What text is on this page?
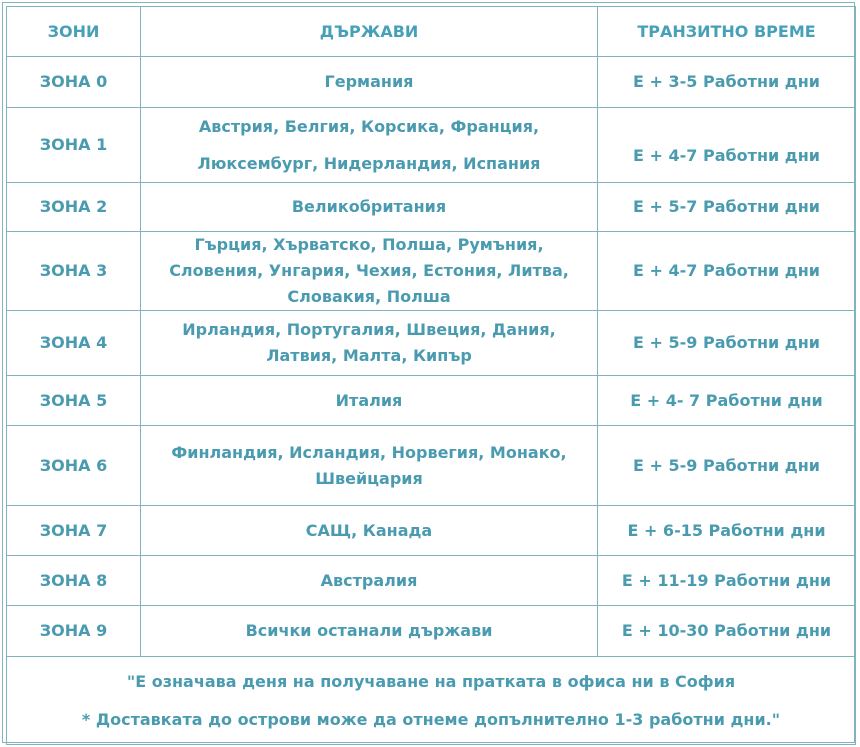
ЗОНИ	ДЪРЖАВИ	ТРАНЗИТНО ВРЕМЕ
ЗОНА 0	Германия	E + 3-5 Работни дни
ЗОНА 1	Австрия, Белгия, Корсика, Франция, Люксембург, Нидерландия, Испания	E + 4-7 Работни дни
ЗОНА 2	Великобритания	E + 5-7 Работни дни
ЗОНА 3	Гърция, Хърватско, Полша, Румъния, Словения, Унгария, Чехия, Естония, Литва, Словакия, Полша	E + 4-7 Работни дни
ЗОНА 4	Ирландия, Португалия, Швеция, Дания, Латвия, Малта, Кипър	E + 5-9 Работни дни
ЗОНА 5	Италия	E + 4- 7 Работни дни
ЗОНА 6	Финландия, Исландия, Норвегия, Монако, Швейцария	E + 5-9 Работни дни
ЗОНА 7	САЩ, Канада	E + 6-15 Работни дни
ЗОНА 8	Австралия	E + 11-19 Работни дни
ЗОНА 9	Всички останали държави	E + 10-30 Работни дни

"E означава деня на получаване на пратката в офиса ни в София
* Доставката до острови може да отнеме допълнително 1-3 работни дни."		
